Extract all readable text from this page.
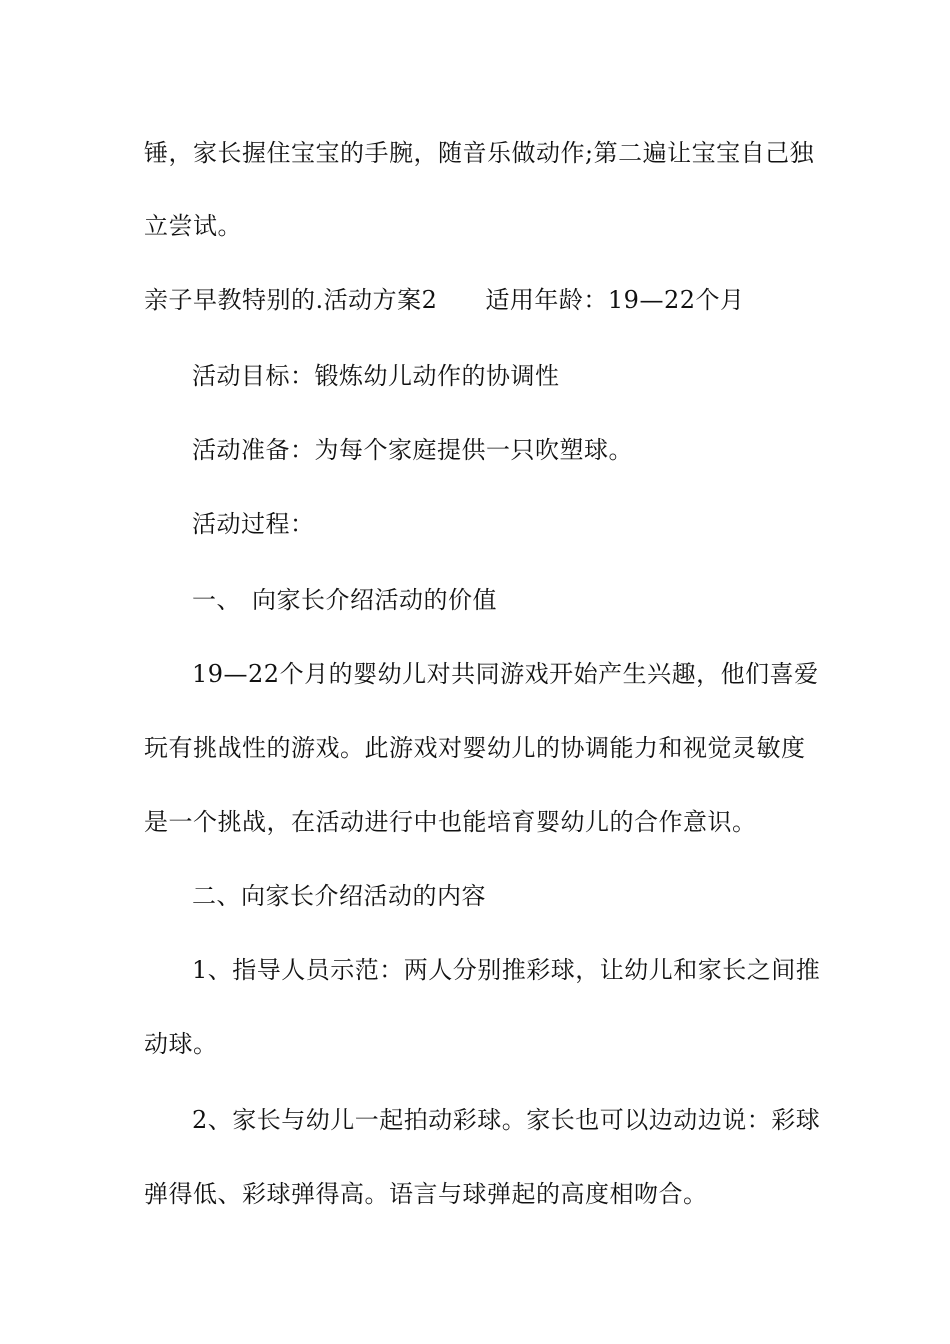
锤，家长握住宝宝的手腕，随音乐做动作;第二遍让宝宝自己独
立尝试。
亲子早教特别的.活动方案2 适用年龄：19—22个月
活动目标：锻炼幼儿动作的协调性
活动准备：为每个家庭提供一只吹塑球。
活动过程：
一、 向家长介绍活动的价值
19—22个月的婴幼儿对共同游戏开始产生兴趣，他们喜爱
玩有挑战性的游戏。此游戏对婴幼儿的协调能力和视觉灵敏度
是一个挑战，在活动进行中也能培育婴幼儿的合作意识。
二、向家长介绍活动的内容
1、指导人员示范：两人分别推彩球，让幼儿和家长之间推
动球。
2、家长与幼儿一起拍动彩球。家长也可以边动边说：彩球
弹得低、彩球弹得高。语言与球弹起的高度相吻合。
